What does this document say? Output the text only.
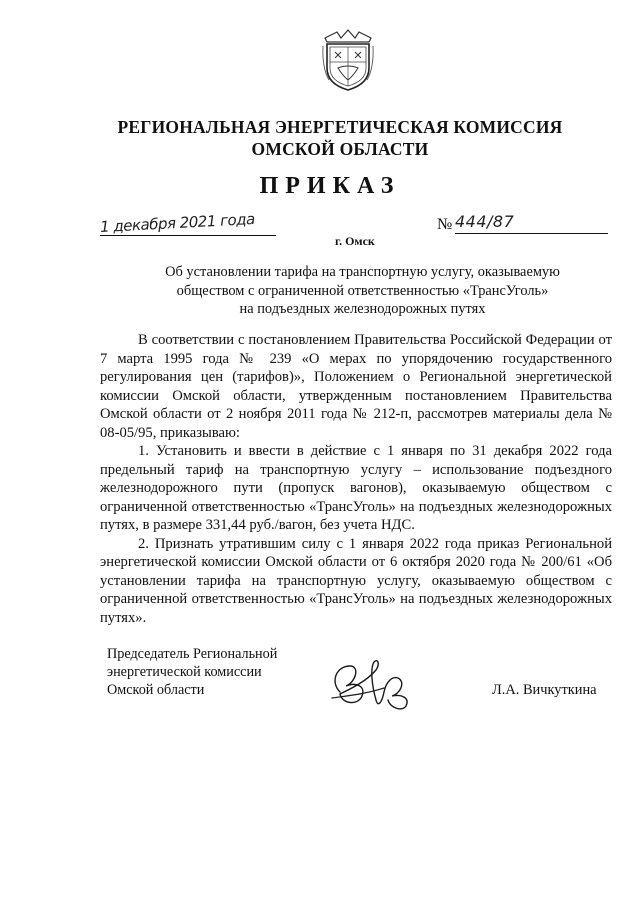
РЕГИОНАЛЬНАЯ ЭНЕРГЕТИЧЕСКАЯ КОМИССИЯ
ОМСКОЙ ОБЛАСТИ
ПРИКАЗ
1 декабря 2021 года	№ 444/87
г. Омск
Об установлении тарифа на транспортную услугу, оказываемую
обществом с ограниченной ответственностью «ТрансУголь»
на подъездных железнодорожных путях

В соответствии с постановлением Правительства Российской Федерации от 7 марта 1995 года № 239 «О мерах по упорядочению государственного регулирования цен (тарифов)», Положением о Региональной энергетической комиссии Омской области, утвержденным постановлением Правительства Омской области от 2 ноября 2011 года № 212-п, рассмотрев материалы дела № 08-05/95, приказываю:

1. Установить и ввести в действие с 1 января по 31 декабря 2022 года предельный тариф на транспортную услугу – использование подъездного железнодорожного пути (пропуск вагонов), оказываемую обществом с ограниченной ответственностью «ТрансУголь» на подъездных железнодорожных путях, в размере 331,44 руб./вагон, без учета НДС.

2. Признать утратившим силу с 1 января 2022 года приказ Региональной энергетической комиссии Омской области от 6 октября 2020 года № 200/61 «Об установлении тарифа на транспортную услугу, оказываемую обществом с ограниченной ответственностью «ТрансУголь» на подъездных железнодорожных путях».

Председатель Региональной
энергетической комиссии
Омской области	Л.А. Вичкуткина
